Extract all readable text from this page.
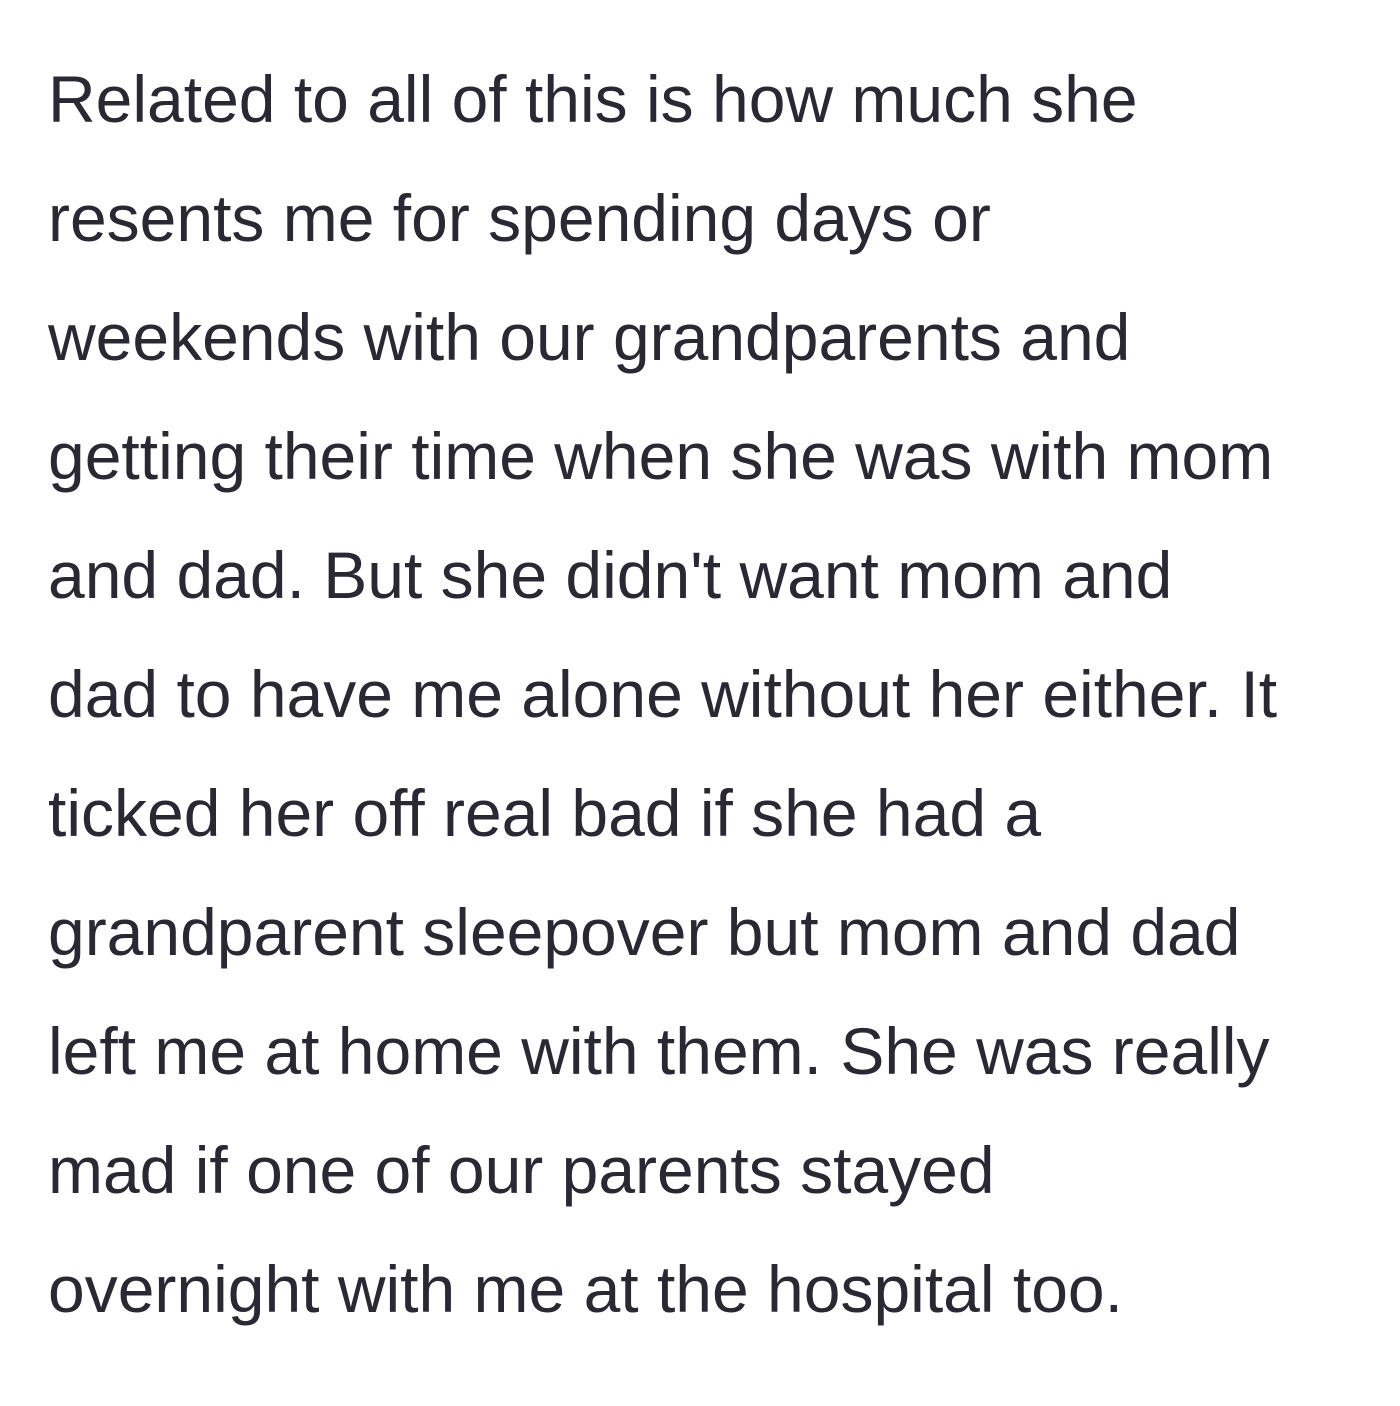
Related to all of this is how much she
resents me for spending days or
weekends with our grandparents and
getting their time when she was with mom
and dad. But she didn't want mom and
dad to have me alone without her either. It
ticked her off real bad if she had a
grandparent sleepover but mom and dad
left me at home with them. She was really
mad if one of our parents stayed
overnight with me at the hospital too.
